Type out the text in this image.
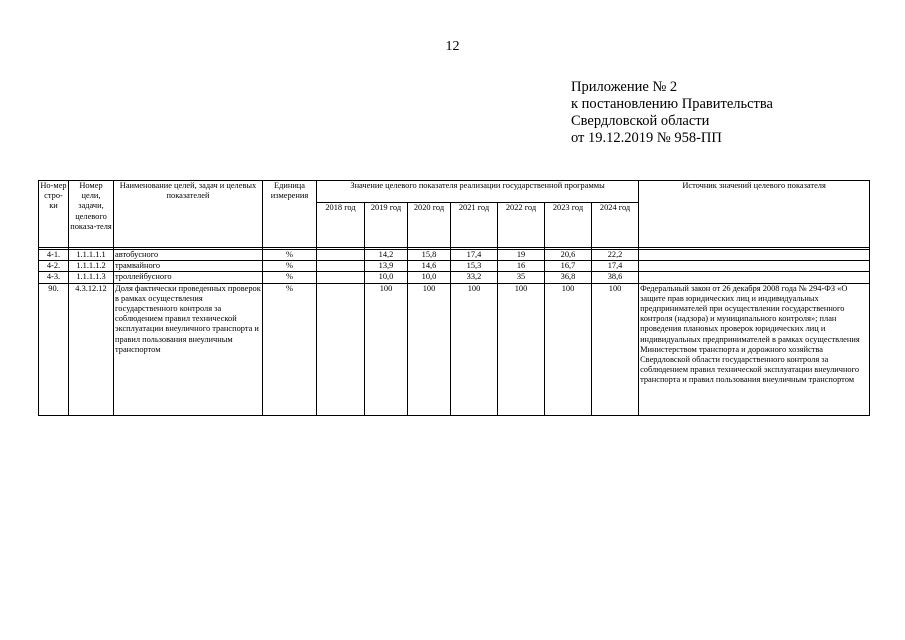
12
Приложение № 2
к постановлению Правительства
Свердловской области
от 19.12.2019 № 958-ПП
Но-мер стро-ки	Номер цели, задачи, целевого показа-теля	Наименование целей, задач и целевых показателей	Единица измерения	Значение целевого показателя реализации государственной программы							Источник значений целевого показателя
				2018 год	2019 год	2020 год	2021 год	2022 год	2023 год	2024 год	

4-1.	1.1.1.1.1	автобусного	%		14,2	15,8	17,4	19	20,6	22,2	
4-2.	1.1.1.1.2	трамвайного	%		13,9	14,6	15,3	16	16,7	17,4	
4-3.	1.1.1.1.3	троллейбусного	%		10,0	10,0	33,2	35	36,8	38,6	
90.	4.3.12.12	Доля фактически проведенных проверок в рамках осуществления государственного контроля за соблюдением правил технической эксплуатации внеуличного транспорта и правил пользования внеуличным транспортом	%		100	100	100	100	100	100	Федеральный закон от 26 декабря 2008 года № 294-ФЗ «О защите прав юридических лиц и индивидуальных предпринимателей при осуществлении государственного контроля (надзора) и муниципального контроля»; план проведения плановых проверок юридических лиц и индивидуальных предпринимателей в рамках осуществления Министерством транспорта и дорожного хозяйства Свердловской области государственного контроля за соблюдением правил технической эксплуатации внеуличного транспорта и правил пользования внеуличным транспортом
